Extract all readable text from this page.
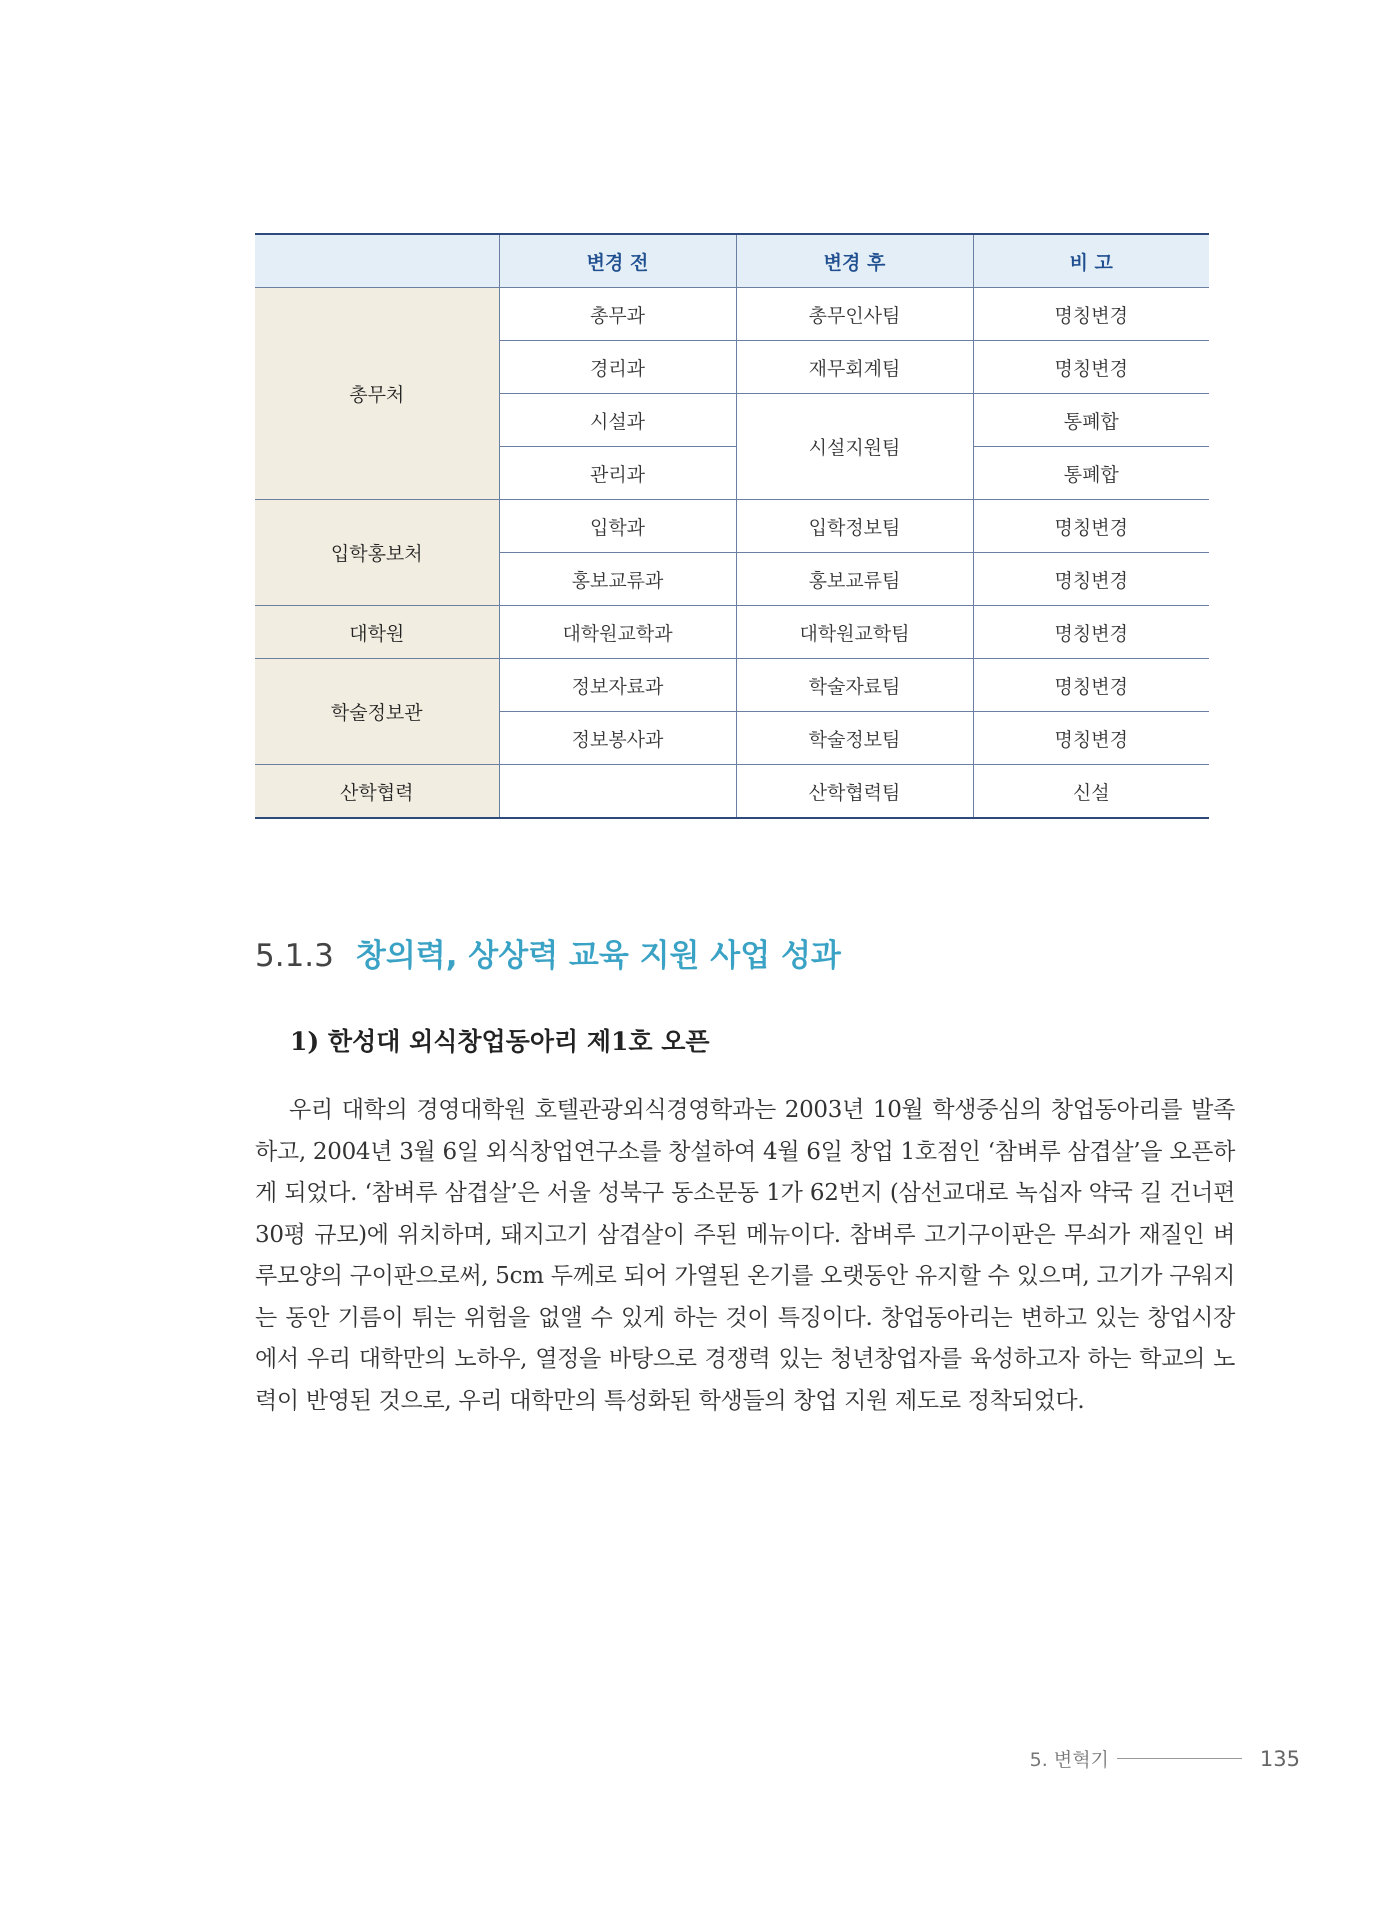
	변경 전	변경 후	비 고
총무처	총무과	총무인사팀	명칭변경
	경리과	재무회계팀	명칭변경
	시설과	시설지원팀	통폐합
	관리과		통폐합
입학홍보처	입학과	입학정보팀	명칭변경
	홍보교류과	홍보교류팀	명칭변경
대학원	대학원교학과	대학원교학팀	명칭변경
학술정보관	정보자료과	학술자료팀	명칭변경
	정보봉사과	학술정보팀	명칭변경
산학협력		산학협력팀	신설
5.1.3 창의력, 상상력 교육 지원 사업 성과
1) 한성대 외식창업동아리 제1호 오픈

우리 대학의 경영대학원 호텔관광외식경영학과는 2003년 10월 학생중심의 창업동아리를 발족하고, 2004년 3월 6일 외식창업연구소를 창설하여 4월 6일 창업 1호점인 ‘참벼루 삼겹살’을 오픈하게 되었다. ‘참벼루 삼겹살’은 서울 성북구 동소문동 1가 62번지 (삼선교대로 녹십자 약국 길 건너편 30평 규모)에 위치하며, 돼지고기 삼겹살이 주된 메뉴이다. 참벼루 고기구이판은 무쇠가 재질인 벼루모양의 구이판으로써, 5cm 두께로 되어 가열된 온기를 오랫동안 유지할 수 있으며, 고기가 구워지는 동안 기름이 튀는 위험을 없앨 수 있게 하는 것이 특징이다. 창업동아리는 변하고 있는 창업시장에서 우리 대학만의 노하우, 열정을 바탕으로 경쟁력 있는 청년창업자를 육성하고자 하는 학교의 노력이 반영된 것으로, 우리 대학만의 특성화된 학생들의 창업 지원 제도로 정착되었다.

5. 변혁기	135
